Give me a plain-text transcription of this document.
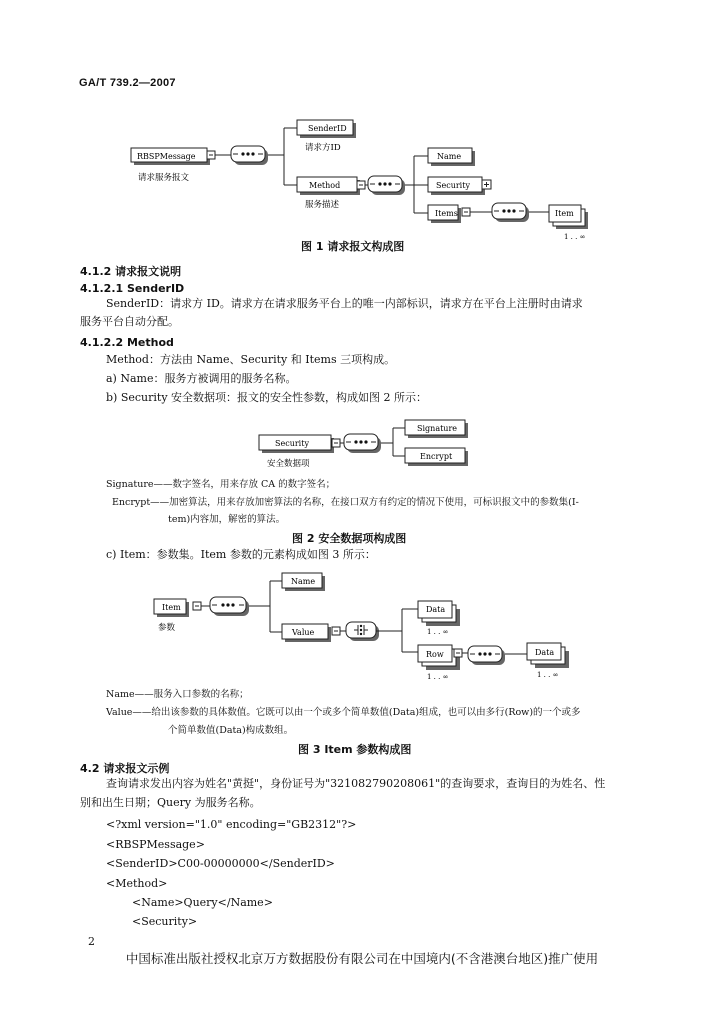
GA/T 739.2—2007
RBSPMessage
请求服务报文
SenderID
请求方ID
Method
服务描述
Name
Security
Items	Item
1 . . ∞
图 1 请求报文构成图
4.1.2 请求报文说明
4.1.2.1 SenderID
SenderID：请求方 ID。请求方在请求服务平台上的唯一内部标识，请求方在平台上注册时由请求
服务平台自动分配。
4.1.2.2 Method
Method：方法由 Name、Security 和 Items 三项构成。
a) Name：服务方被调用的服务名称。
b) Security 安全数据项：报文的安全性参数，构成如图 2 所示：
Security
安全数据项
Signature
Encrypt
Signature——数字签名，用来存放 CA 的数字签名；
Encrypt——加密算法，用来存放加密算法的名称，在接口双方有约定的情况下使用，可标识报文中的参数集(I-
tem)内容加，解密的算法。
图 2 安全数据项构成图
c) Item：参数集。Item 参数的元素构成如图 3 所示：
Item
参数
Name
Value
Data
1 . . ∞
Row
1 . . ∞
Data
1 . . ∞
Name——服务入口参数的名称；
Value——给出该参数的具体数值。它既可以由一个或多个简单数值(Data)组成，也可以由多行(Row)的一个或多
个简单数值(Data)构成数组。
图 3 Item 参数构成图
4.2 请求报文示例
查询请求发出内容为姓名"黄挺"，身份证号为"321082790208061"的查询要求，查询目的为姓名、性
别和出生日期；Query 为服务名称。
<?xml version="1.0" encoding="GB2312"?>
<RBSPMessage>
<SenderID>C00-00000000</SenderID>
<Method>
<Name>Query</Name>
<Security>
2
中国标准出版社授权北京万方数据股份有限公司在中国境内(不含港澳台地区)推广使用
